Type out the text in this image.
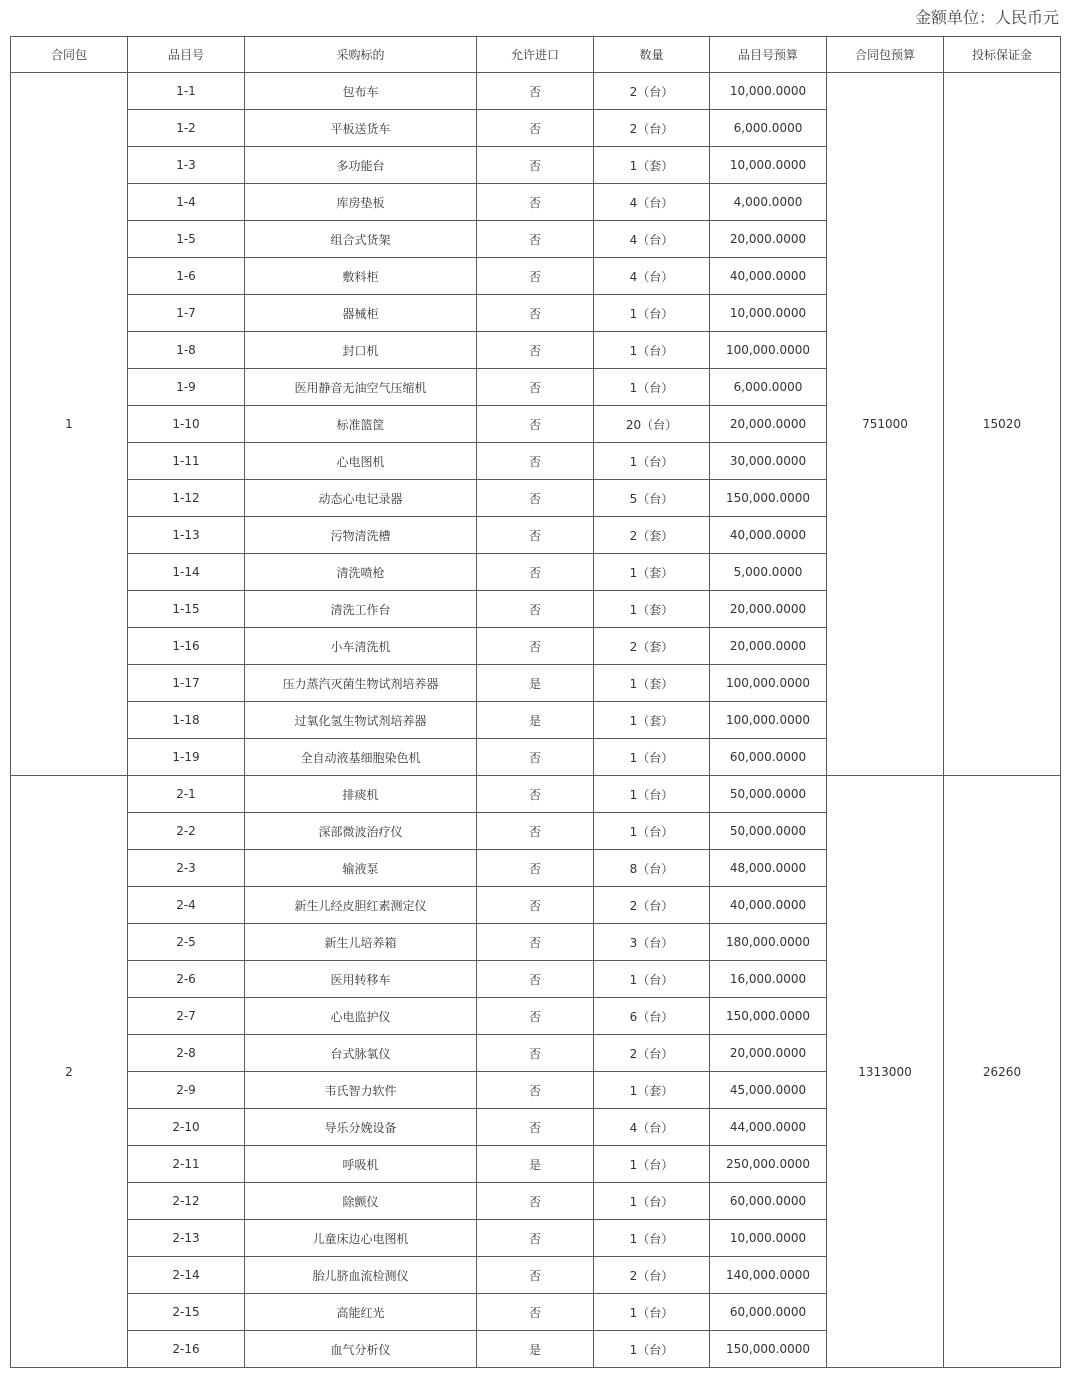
金额单位：人民币元
合同包	品目号	采购标的	允许进口	数量	品目号预算	合同包预算	投标保证金
1	1-1	包布车	否	2（台）	10,000.0000	751000	15020
	1-2	平板送货车	否	2（台）	6,000.0000		
	1-3	多功能台	否	1（套）	10,000.0000		
	1-4	库房垫板	否	4（台）	4,000.0000		
	1-5	组合式货架	否	4（台）	20,000.0000		
	1-6	敷料柜	否	4（台）	40,000.0000		
	1-7	器械柜	否	1（台）	10,000.0000		
	1-8	封口机	否	1（台）	100,000.0000		
	1-9	医用静音无油空气压缩机	否	1（台）	6,000.0000		
	1-10	标准篮筐	否	20（台）	20,000.0000		
	1-11	心电图机	否	1（台）	30,000.0000		
	1-12	动态心电记录器	否	5（台）	150,000.0000		
	1-13	污物清洗槽	否	2（套）	40,000.0000		
	1-14	清洗喷枪	否	1（套）	5,000.0000		
	1-15	清洗工作台	否	1（套）	20,000.0000		
	1-16	小车清洗机	否	2（套）	20,000.0000		
	1-17	压力蒸汽灭菌生物试剂培养器	是	1（套）	100,000.0000		
	1-18	过氧化氢生物试剂培养器	是	1（套）	100,000.0000		
	1-19	全自动液基细胞染色机	否	1（台）	60,000.0000		
2	2-1	排痰机	否	1（台）	50,000.0000	1313000	26260
	2-2	深部微波治疗仪	否	1（台）	50,000.0000		
	2-3	输液泵	否	8（台）	48,000.0000		
	2-4	新生儿经皮胆红素测定仪	否	2（台）	40,000.0000		
	2-5	新生儿培养箱	否	3（台）	180,000.0000		
	2-6	医用转移车	否	1（台）	16,000.0000		
	2-7	心电监护仪	否	6（台）	150,000.0000		
	2-8	台式脉氧仪	否	2（台）	20,000.0000		
	2-9	韦氏智力软件	否	1（套）	45,000.0000		
	2-10	导乐分娩设备	否	4（台）	44,000.0000		
	2-11	呼吸机	是	1（台）	250,000.0000		
	2-12	除颤仪	否	1（台）	60,000.0000		
	2-13	儿童床边心电图机	否	1（台）	10,000.0000		
	2-14	胎儿脐血流检测仪	否	2（台）	140,000.0000		
	2-15	高能红光	否	1（台）	60,000.0000		
	2-16	血气分析仪	是	1（台）	150,000.0000		
